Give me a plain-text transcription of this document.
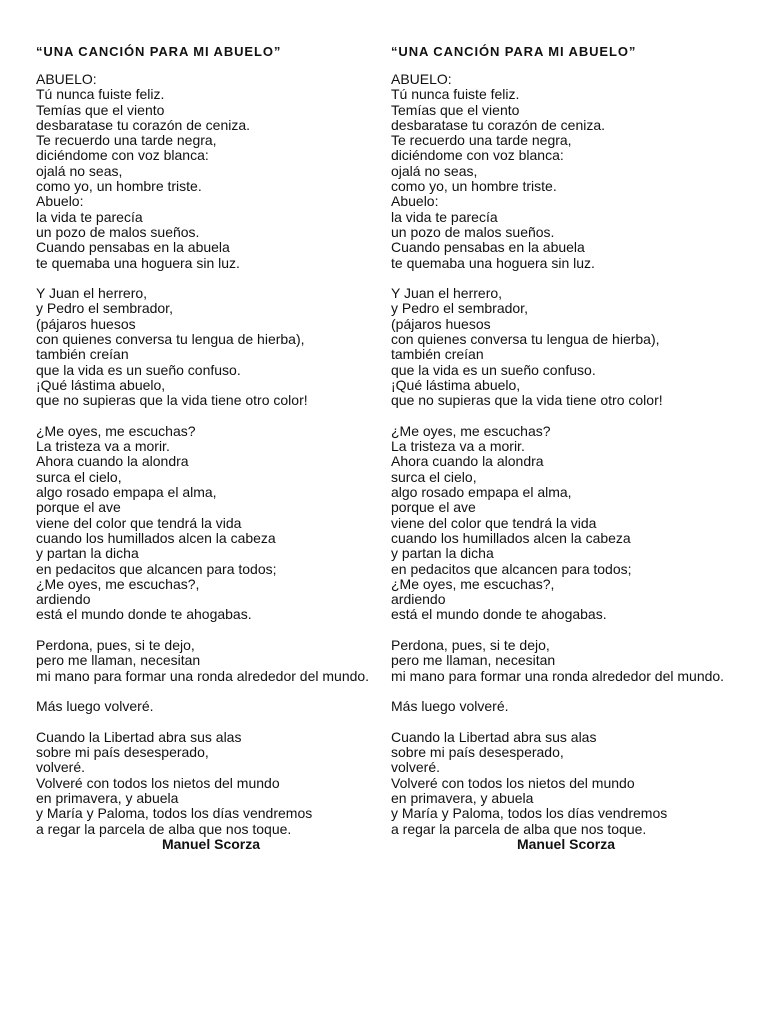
“UNA CANCIÓN PARA MI ABUELO”
ABUELO:
Tú nunca fuiste feliz.
Temías que el viento
desbaratase tu corazón de ceniza.
Te recuerdo una tarde negra,
diciéndome con voz blanca:
ojalá no seas,
como yo, un hombre triste.
Abuelo:
la vida te parecía
un pozo de malos sueños.
Cuando pensabas en la abuela
te quemaba una hoguera sin luz.
Y Juan el herrero,
y Pedro el sembrador,
(pájaros huesos
con quienes conversa tu lengua de hierba),
también creían
que la vida es un sueño confuso.
¡Qué lástima abuelo,
que no supieras que la vida tiene otro color!
¿Me oyes, me escuchas?
La tristeza va a morir.
Ahora cuando la alondra
surca el cielo,
algo rosado empapa el alma,
porque el ave
viene del color que tendrá la vida
cuando los humillados alcen la cabeza
y partan la dicha
en pedacitos que alcancen para todos;
¿Me oyes, me escuchas?,
ardiendo
está el mundo donde te ahogabas.
Perdona, pues, si te dejo,
pero me llaman, necesitan
mi mano para formar una ronda alrededor del mundo.
Más luego volveré.
Cuando la Libertad abra sus alas
sobre mi país desesperado,
volveré.
Volveré con todos los nietos del mundo
en primavera, y abuela
y María y Paloma, todos los días vendremos
a regar la parcela de alba que nos toque.
Manuel Scorza
“UNA CANCIÓN PARA MI ABUELO”
ABUELO:
Tú nunca fuiste feliz.
Temías que el viento
desbaratase tu corazón de ceniza.
Te recuerdo una tarde negra,
diciéndome con voz blanca:
ojalá no seas,
como yo, un hombre triste.
Abuelo:
la vida te parecía
un pozo de malos sueños.
Cuando pensabas en la abuela
te quemaba una hoguera sin luz.
Y Juan el herrero,
y Pedro el sembrador,
(pájaros huesos
con quienes conversa tu lengua de hierba),
también creían
que la vida es un sueño confuso.
¡Qué lástima abuelo,
que no supieras que la vida tiene otro color!
¿Me oyes, me escuchas?
La tristeza va a morir.
Ahora cuando la alondra
surca el cielo,
algo rosado empapa el alma,
porque el ave
viene del color que tendrá la vida
cuando los humillados alcen la cabeza
y partan la dicha
en pedacitos que alcancen para todos;
¿Me oyes, me escuchas?,
ardiendo
está el mundo donde te ahogabas.
Perdona, pues, si te dejo,
pero me llaman, necesitan
mi mano para formar una ronda alrededor del mundo.
Más luego volveré.
Cuando la Libertad abra sus alas
sobre mi país desesperado,
volveré.
Volveré con todos los nietos del mundo
en primavera, y abuela
y María y Paloma, todos los días vendremos
a regar la parcela de alba que nos toque.
Manuel Scorza
